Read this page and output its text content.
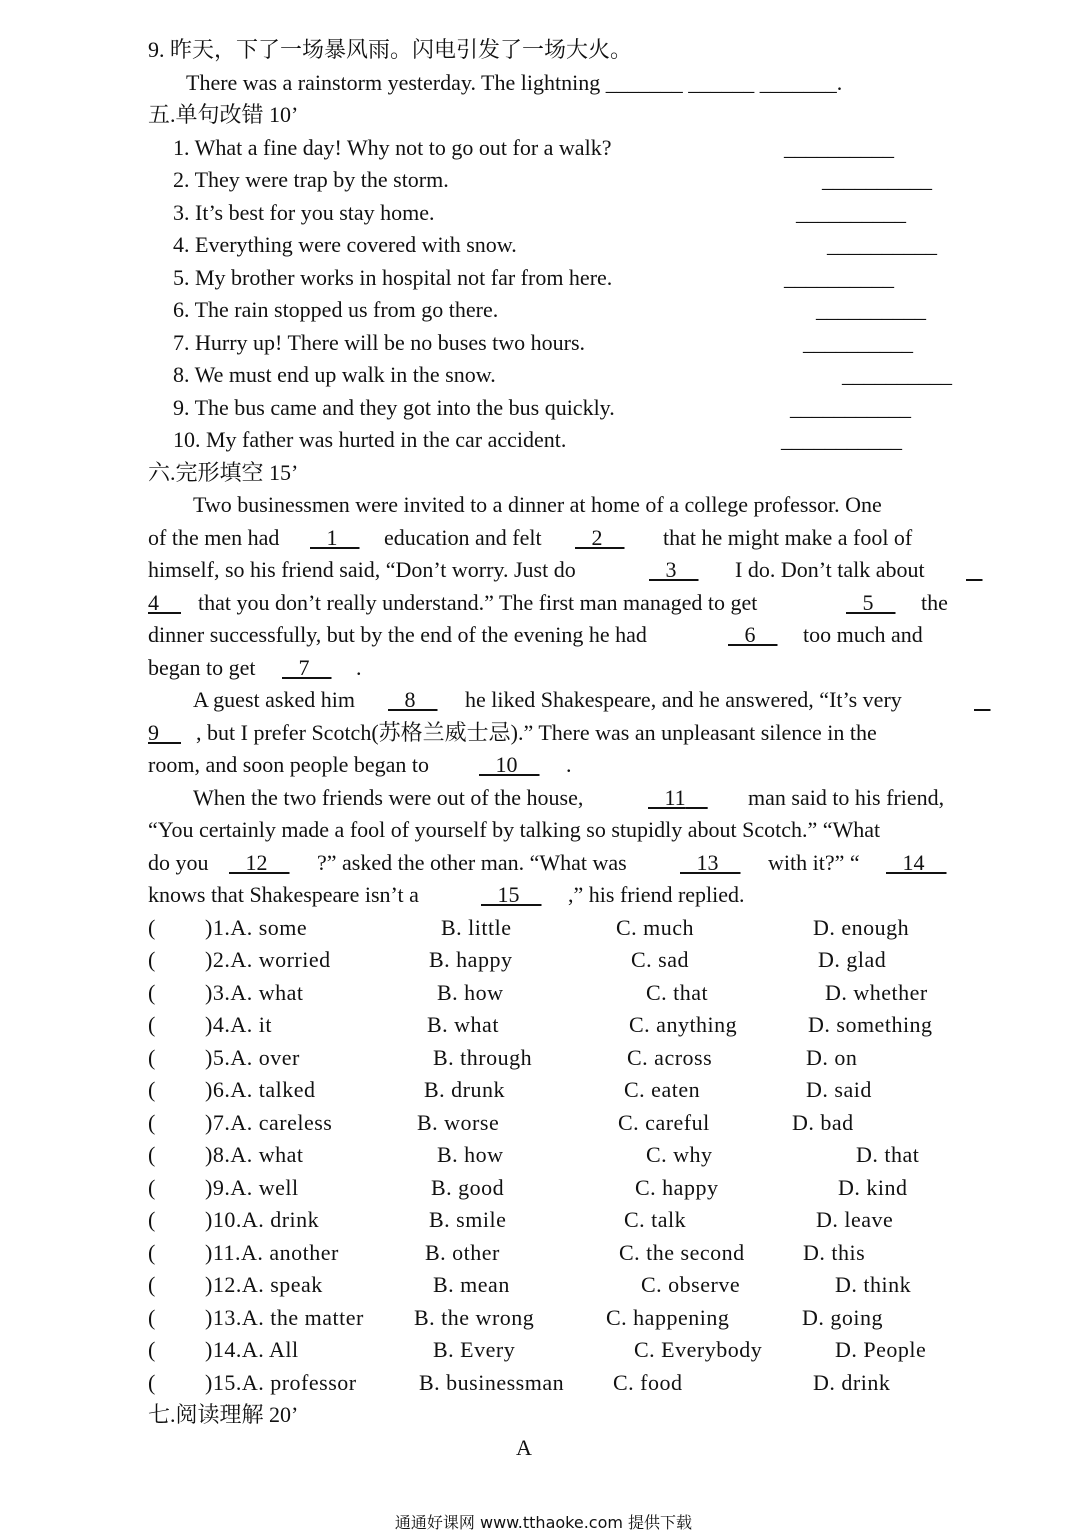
9. 昨天，下了一场暴风雨。闪电引发了一场大火。
There was a rainstorm yesterday. The lightning _______ ______ _______.
五.单句改错 10’
1. What a fine day! Why not to go out for a walk?	__________
2. They were trap by the storm.	__________
3. It’s best for you stay home.	__________
4. Everything were covered with snow.	__________
5. My brother works in hospital not far from here.	__________
6. The rain stopped us from go there.	__________
7. Hurry up! There will be no buses two hours.	__________
8. We must end up walk in the snow.	__________
9. The bus came and they got into the bus quickly.	___________
10. My father was hurted in the car accident.	___________
六.完形填空 15’
Two businessmen were invited to a dinner at home of a college professor. One
of the men had	1	education and felt	2	that he might make a fool of
himself, so his friend said, “Don’t worry. Just do	3	I do. Don’t talk about

4	that you don’t really understand.” The first man managed to get	5	the
dinner successfully, but by the end of the evening he had	6	too much and
began to get	7	.
A guest asked him	8	he liked Shakespeare, and he answered, “It’s very

9	, but I prefer Scotch(苏格兰威士忌).” There was an unpleasant silence in the
room, and soon people began to	10	.
When the two friends were out of the house,	11	man said to his friend,
“You certainly made a fool of yourself by talking so stupidly about Scotch.” “What
do you	12	?” asked the other man. “What was	13	with it?” “	14
knows that Shakespeare isn’t a	15	,” his friend replied.
( )1.A. some	B. little	C. much	D. enough
( )2.A. worried	B. happy	C. sad	D. glad
( )3.A. what	B. how	C. that	D. whether
( )4.A. it	B. what	C. anything	D. something
( )5.A. over	B. through	C. across	D. on
( )6.A. talked	B. drunk	C. eaten	D. said
( )7.A. careless	B. worse	C. careful	D. bad
( )8.A. what	B. how	C. why	D. that
( )9.A. well	B. good	C. happy	D. kind
( )10.A. drink	B. smile	C. talk	D. leave
( )11.A. another	B. other	C. the second	D. this
( )12.A. speak	B. mean	C. observe	D. think
( )13.A. the matter B. the wrong	C. happening	D. going
( )14.A. All	B. Every	C. Everybody	D. People
( )15.A. professor	B. businessman C. food	D. drink
七.阅读理解 20’
A
通通好课网 www.tthaoke.com 提供下载
